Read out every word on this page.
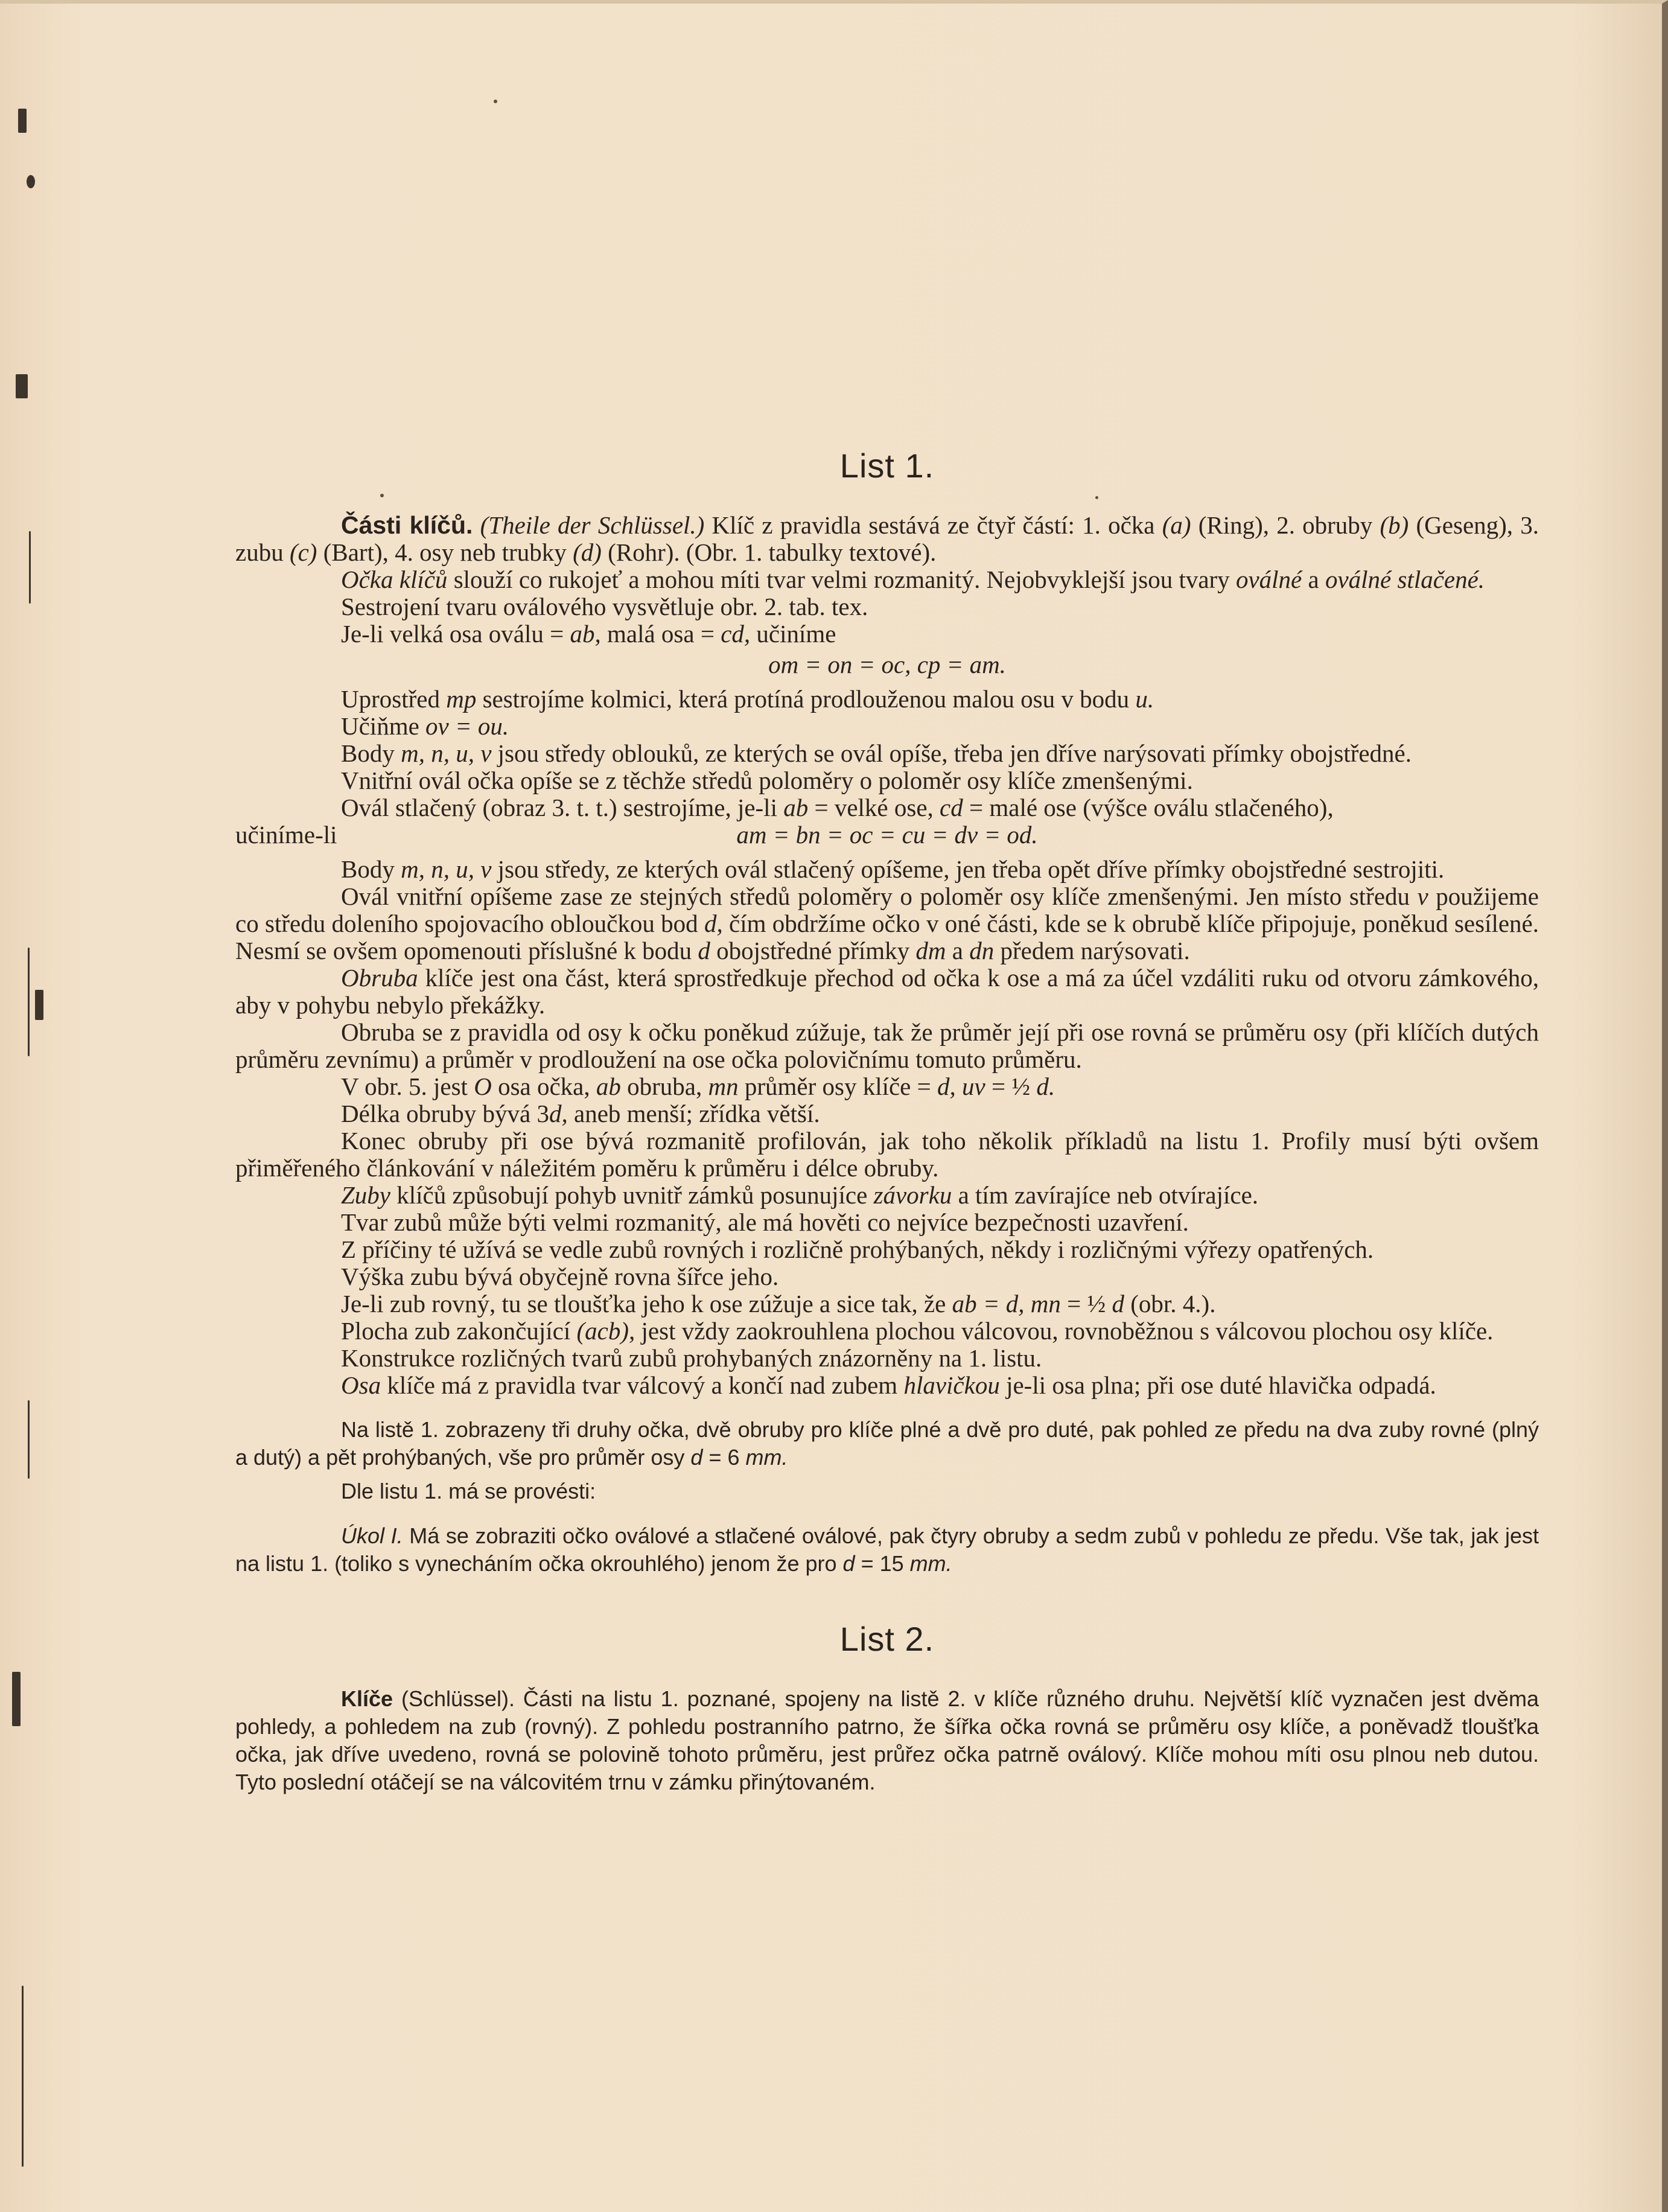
List 1.

Části klíčů. (Theile der Schlüssel.) Klíč z pravidla sestává ze čtyř částí: 1. očka (a) (Ring), 2. obruby (b) (Geseng), 3. zubu (c) (Bart), 4. osy neb trubky (d) (Rohr). (Obr. 1. tabulky textové).

Očka klíčů slouží co rukojeť a mohou míti tvar velmi rozmanitý. Nejobvyklejší jsou tvary oválné a oválné stlačené.

Sestrojení tvaru oválového vysvětluje obr. 2. tab. tex.

Je-li velká osa oválu = ab, malá osa = cd, učiníme

om = on = oc, cp = am.

Uprostřed mp sestrojíme kolmici, která protíná prodlouženou malou osu v bodu u.

Učiňme ov = ou.

Body m, n, u, v jsou středy oblouků, ze kterých se ovál opíše, třeba jen dříve narýsovati přímky obojstředné.

Vnitřní ovál očka opíše se z těchže středů poloměry o poloměr osy klíče zmenšenými.

Ovál stlačený (obraz 3. t. t.) sestrojíme, je-li ab = velké ose, cd = malé ose (výšce oválu stlačeného),

učiníme-li	am = bn = oc = cu = dv = od.

Body m, n, u, v jsou středy, ze kterých ovál stlačený opíšeme, jen třeba opět dříve přímky obojstředné sestrojiti.

Ovál vnitřní opíšeme zase ze stejných středů poloměry o poloměr osy klíče zmenšenými. Jen místo středu v použijeme co středu doleního spojovacího obloučkou bod d, čím obdržíme očko v oné části, kde se k obrubě klíče připojuje, poněkud sesílené. Nesmí se ovšem opomenouti příslušné k bodu d obojstředné přímky dm a dn předem narýsovati.

Obruba klíče jest ona část, která sprostředkuje přechod od očka k ose a má za účel vzdáliti ruku od otvoru zámkového, aby v pohybu nebylo překážky.

Obruba se z pravidla od osy k očku poněkud zúžuje, tak že průměr její při ose rovná se průměru osy (při klíčích dutých průměru zevnímu) a průměr v prodloužení na ose očka polovičnímu tomuto průměru.

V obr. 5. jest O osa očka, ab obruba, mn průměr osy klíče = d, uv = ½ d.

Délka obruby bývá 3d, aneb menší; zřídka větší.

Konec obruby při ose bývá rozmanitě profilován, jak toho několik příkladů na listu 1. Profily musí býti ovšem přiměřeného článkování v náležitém poměru k průměru i délce obruby.

Zuby klíčů způsobují pohyb uvnitř zámků posunujíce závorku a tím zavírajíce neb otvírajíce.

Tvar zubů může býti velmi rozmanitý, ale má hověti co nejvíce bezpečnosti uzavření.

Z příčiny té užívá se vedle zubů rovných i rozličně prohýbaných, někdy i rozličnými výřezy opatřených.

Výška zubu bývá obyčejně rovna šířce jeho.

Je-li zub rovný, tu se tloušťka jeho k ose zúžuje a sice tak, že ab = d, mn = ½ d (obr. 4.).

Plocha zub zakončující (acb), jest vždy zaokrouhlena plochou válcovou, rovnoběžnou s válcovou plochou osy klíče.

Konstrukce rozličných tvarů zubů prohybaných znázorněny na 1. listu.

Osa klíče má z pravidla tvar válcový a končí nad zubem hlavičkou je-li osa plna; při ose duté hlavička odpadá.

Na listě 1. zobrazeny tři druhy očka, dvě obruby pro klíče plné a dvě pro duté, pak pohled ze předu na dva zuby rovné (plný a dutý) a pět prohýbaných, vše pro průměr osy d = 6 mm.

Dle listu 1. má se provésti:

Úkol I. Má se zobraziti očko oválové a stlačené oválové, pak čtyry obruby a sedm zubů v pohledu ze předu. Vše tak, jak jest na listu 1. (toliko s vynecháním očka okrouhlého) jenom že pro d = 15 mm.

List 2.

Klíče (Schlüssel). Části na listu 1. poznané, spojeny na listě 2. v klíče různého druhu. Největší klíč vyznačen jest dvěma pohledy, a pohledem na zub (rovný). Z pohledu postranního patrno, že šířka očka rovná se průměru osy klíče, a poněvadž tloušťka očka, jak dříve uvedeno, rovná se polovině tohoto průměru, jest průřez očka patrně oválový. Klíče mohou míti osu plnou neb dutou. Tyto poslední otáčejí se na válcovitém trnu v zámku přinýtovaném.
